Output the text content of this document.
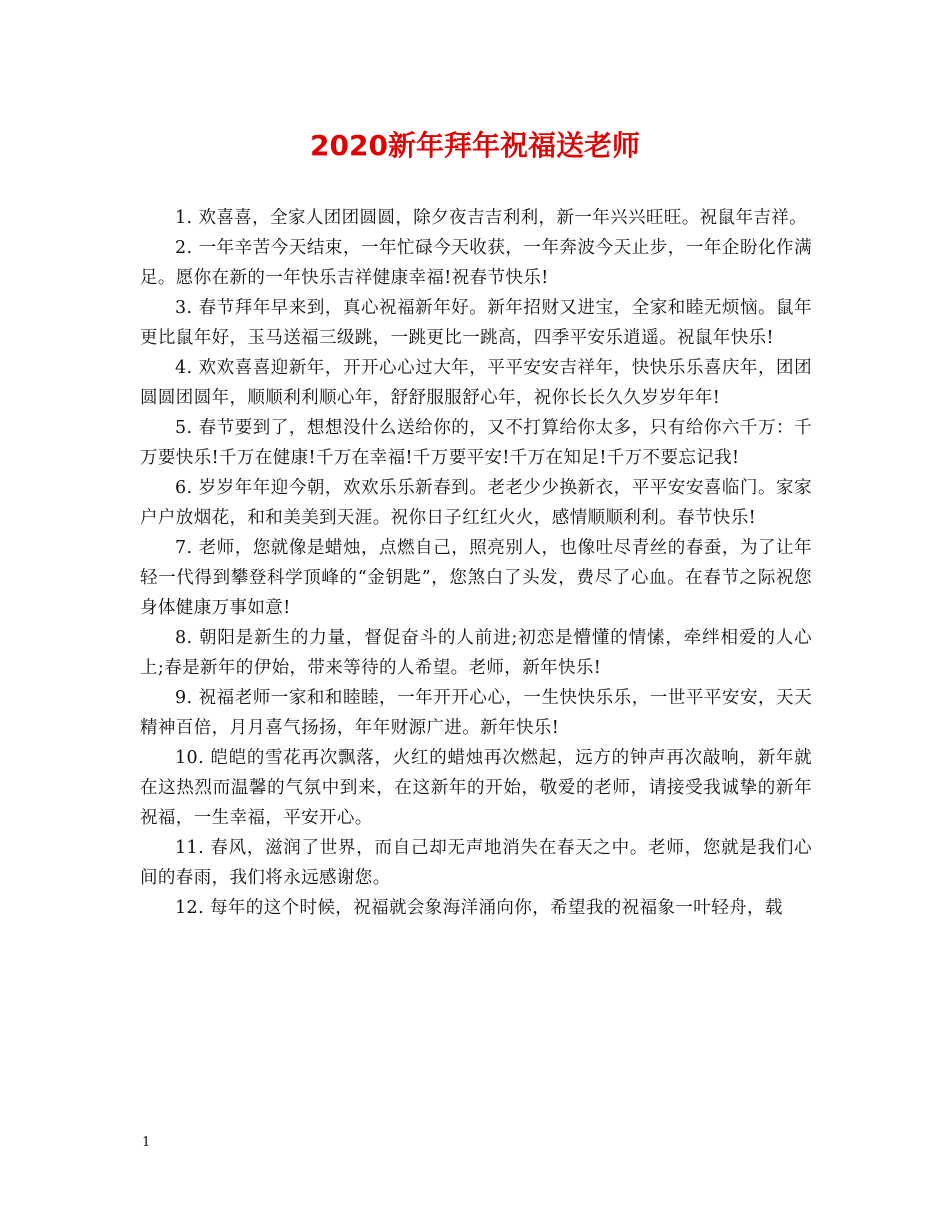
2020新年拜年祝福送老师

1. 欢喜喜，全家人团团圆圆，除夕夜吉吉利利，新一年兴兴旺旺。祝鼠年吉祥。

2. 一年辛苦今天结束，一年忙碌今天收获，一年奔波今天止步，一年企盼化作满足。愿你在新的一年快乐吉祥健康幸福!祝春节快乐!

3. 春节拜年早来到，真心祝福新年好。新年招财又进宝，全家和睦无烦恼。鼠年更比鼠年好，玉马送福三级跳，一跳更比一跳高，四季平安乐逍遥。祝鼠年快乐!

4. 欢欢喜喜迎新年，开开心心过大年，平平安安吉祥年，快快乐乐喜庆年，团团圆圆团圆年，顺顺利利顺心年，舒舒服服舒心年，祝你长长久久岁岁年年!

5. 春节要到了，想想没什么送给你的，又不打算给你太多，只有给你六千万：千万要快乐!千万在健康!千万在幸福!千万要平安!千万在知足!千万不要忘记我!

6. 岁岁年年迎今朝，欢欢乐乐新春到。老老少少换新衣，平平安安喜临门。家家户户放烟花，和和美美到天涯。祝你日子红红火火，感情顺顺利利。春节快乐!

7. 老师，您就像是蜡烛，点燃自己，照亮别人，也像吐尽青丝的春蚕，为了让年轻一代得到攀登科学顶峰的“金钥匙”，您煞白了头发，费尽了心血。在春节之际祝您身体健康万事如意!

8. 朝阳是新生的力量，督促奋斗的人前进;初恋是懵懂的情愫，牵绊相爱的人心上;春是新年的伊始，带来等待的人希望。老师，新年快乐!

9. 祝福老师一家和和睦睦，一年开开心心，一生快快乐乐，一世平平安安，天天精神百倍，月月喜气扬扬，年年财源广进。新年快乐!

10. 皑皑的雪花再次飘落，火红的蜡烛再次燃起，远方的钟声再次敲响，新年就在这热烈而温馨的气氛中到来，在这新年的开始，敬爱的老师，请接受我诚挚的新年祝福，一生幸福，平安开心。

11. 春风，滋润了世界，而自己却无声地消失在春天之中。老师，您就是我们心间的春雨，我们将永远感谢您。

12. 每年的这个时候，祝福就会象海洋涌向你，希望我的祝福象一叶轻舟，载

1
